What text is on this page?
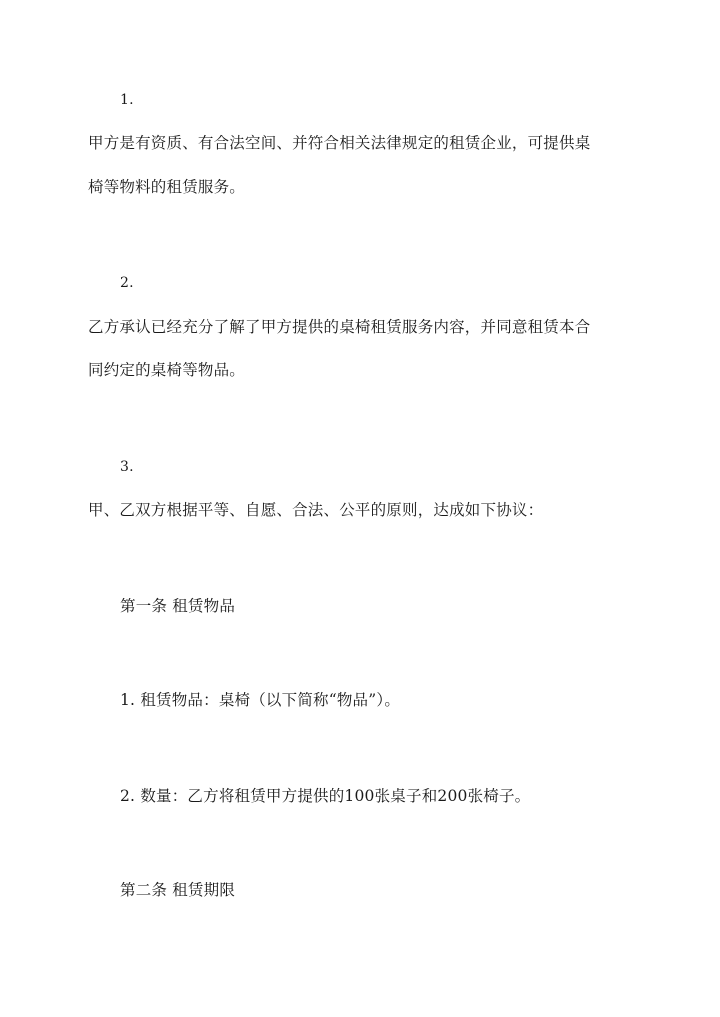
1.
甲方是有资质、有合法空间、并符合相关法律规定的租赁企业，可提供桌
椅等物料的租赁服务。
2.
乙方承认已经充分了解了甲方提供的桌椅租赁服务内容，并同意租赁本合
同约定的桌椅等物品。
3.
甲、乙双方根据平等、自愿、合法、公平的原则，达成如下协议：
第一条 租赁物品
1. 租赁物品：桌椅（以下简称“物品”）。
2. 数量：乙方将租赁甲方提供的100张桌子和200张椅子。
第二条 租赁期限
